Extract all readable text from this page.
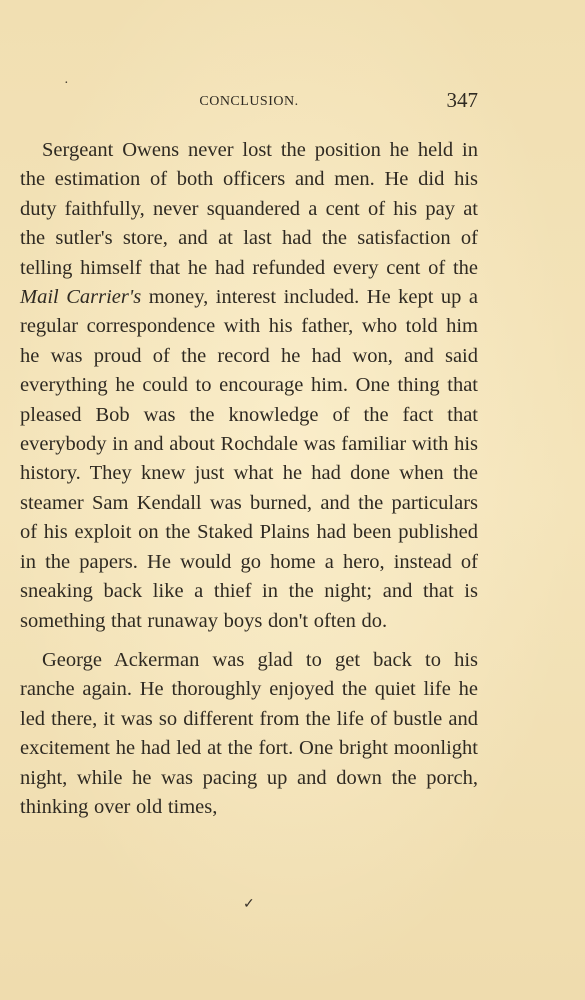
CONCLUSION.	347

Sergeant Owens never lost the position he held in the estimation of both officers and men. He did his duty faithfully, never squandered a cent of his pay at the sutler's store, and at last had the satisfaction of telling himself that he had refunded every cent of the Mail Carrier's money, interest included. He kept up a regular correspondence with his father, who told him he was proud of the record he had won, and said everything he could to encourage him. One thing that pleased Bob was the knowledge of the fact that everybody in and about Rochdale was familiar with his history. They knew just what he had done when the steamer Sam Kendall was burned, and the particulars of his exploit on the Staked Plains had been published in the papers. He would go home a hero, instead of sneaking back like a thief in the night; and that is something that runaway boys don't often do.

George Ackerman was glad to get back to his ranche again. He thoroughly enjoyed the quiet life he led there, it was so different from the life of bustle and excitement he had led at the fort. One bright moonlight night, while he was pacing up and down the porch, thinking over old times,

·
✓
